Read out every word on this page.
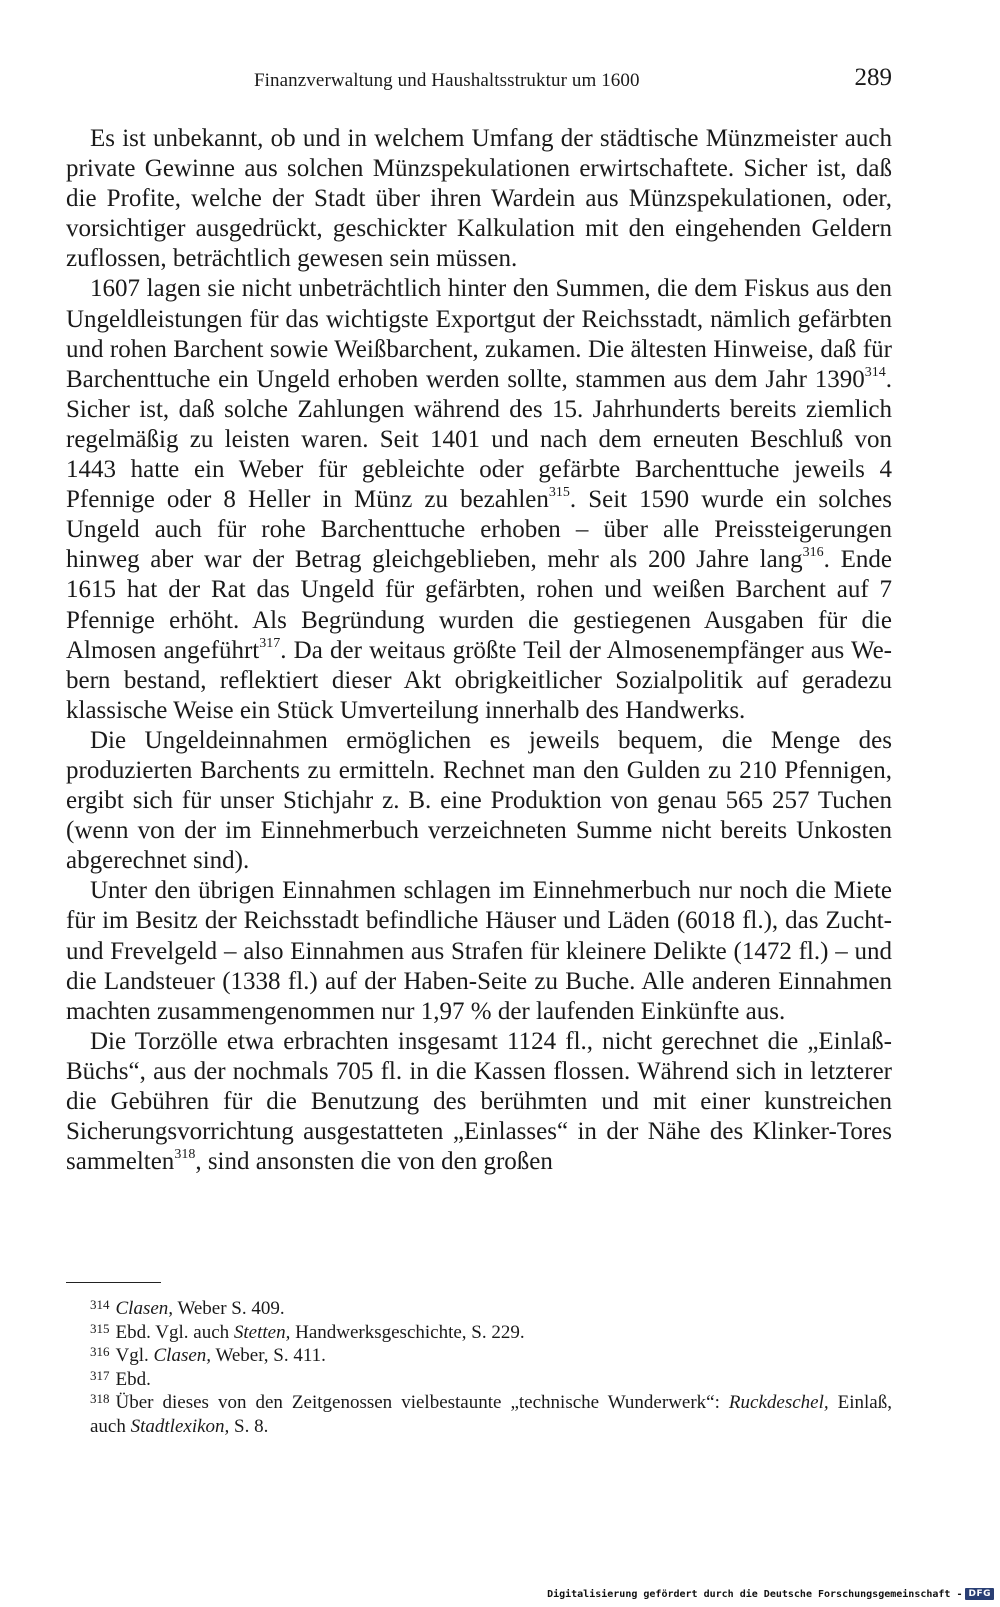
Finanzverwaltung und Haushaltsstruktur um 1600	289

Es ist unbekannt, ob und in welchem Umfang der städtische Münzmeister auch private Gewinne aus solchen Münzspekulationen erwirtschaftete. Sicher ist, daß die Profite, welche der Stadt über ihren Wardein aus Münzspekulationen, oder, vorsichtiger ausgedrückt, geschickter Kalkulation mit den eingehenden Geldern zuflossen, beträchtlich gewesen sein müssen.

1607 lagen sie nicht unbeträchtlich hinter den Summen, die dem Fiskus aus den Ungeldleistungen für das wichtigste Exportgut der Reichsstadt, nämlich gefärbten und rohen Barchent sowie Weißbarchent, zukamen. Die ältesten Hinweise, daß für Barchenttuche ein Ungeld erhoben werden sollte, stammen aus dem Jahr 1390$^{314}$. Sicher ist, daß solche Zahlungen während des 15. Jahrhunderts bereits ziemlich regelmäßig zu leisten waren. Seit 1401 und nach dem erneuten Beschluß von 1443 hatte ein Weber für gebleichte oder gefärbte Barchenttuche jeweils 4 Pfennige oder 8 Heller in Münz zu bezahlen$^{315}$. Seit 1590 wurde ein solches Ungeld auch für rohe Barchenttuche erhoben – über alle Preissteigerungen hinweg aber war der Betrag gleichgeblieben, mehr als 200 Jahre lang$^{316}$. Ende 1615 hat der Rat das Ungeld für gefärbten, rohen und weißen Barchent auf 7 Pfennige erhöht. Als Begründung wurden die gestiegenen Ausgaben für die Almosen angeführt$^{317}$. Da der weitaus größte Teil der Almosenempfänger aus Webern bestand, reflektiert dieser Akt obrigkeitlicher Sozialpolitik auf geradezu klassische Weise ein Stück Umverteilung innerhalb des Handwerks.

Die Ungeldeinnahmen ermöglichen es jeweils bequem, die Menge des produzierten Barchents zu ermitteln. Rechnet man den Gulden zu 210 Pfennigen, ergibt sich für unser Stichjahr z. B. eine Produktion von genau 565 257 Tuchen (wenn von der im Einnehmerbuch verzeichneten Summe nicht bereits Unkosten abgerechnet sind).

Unter den übrigen Einnahmen schlagen im Einnehmerbuch nur noch die Miete für im Besitz der Reichsstadt befindliche Häuser und Läden (6018 fl.), das Zucht- und Frevelgeld – also Einnahmen aus Strafen für kleinere Delikte (1472 fl.) – und die Landsteuer (1338 fl.) auf der Haben-Seite zu Buche. Alle anderen Einnahmen machten zusammengenommen nur 1,97 % der laufenden Einkünfte aus.

Die Torzölle etwa erbrachten insgesamt 1124 fl., nicht gerechnet die „Einlaß-Büchs“, aus der nochmals 705 fl. in die Kassen flossen. Während sich in letzterer die Gebühren für die Benutzung des berühmten und mit einer kunstreichen Sicherungsvorrichtung ausgestatteten „Einlasses“ in der Nähe des Klinker-Tores sammelten$^{318}$, sind ansonsten die von den großen

$^{314}$ Clasen, Weber S. 409.

$^{315}$ Ebd. Vgl. auch Stetten, Handwerksgeschichte, S. 229.

$^{316}$ Vgl. Clasen, Weber, S. 411.

$^{317}$ Ebd.

$^{318}$ Über dieses von den Zeitgenossen vielbestaunte „technische Wunderwerk“: Ruckdeschel, Einlaß, auch Stadtlexikon, S. 8.

Digitalisierung gefördert durch die Deutsche Forschungsgemeinschaft - DFG
